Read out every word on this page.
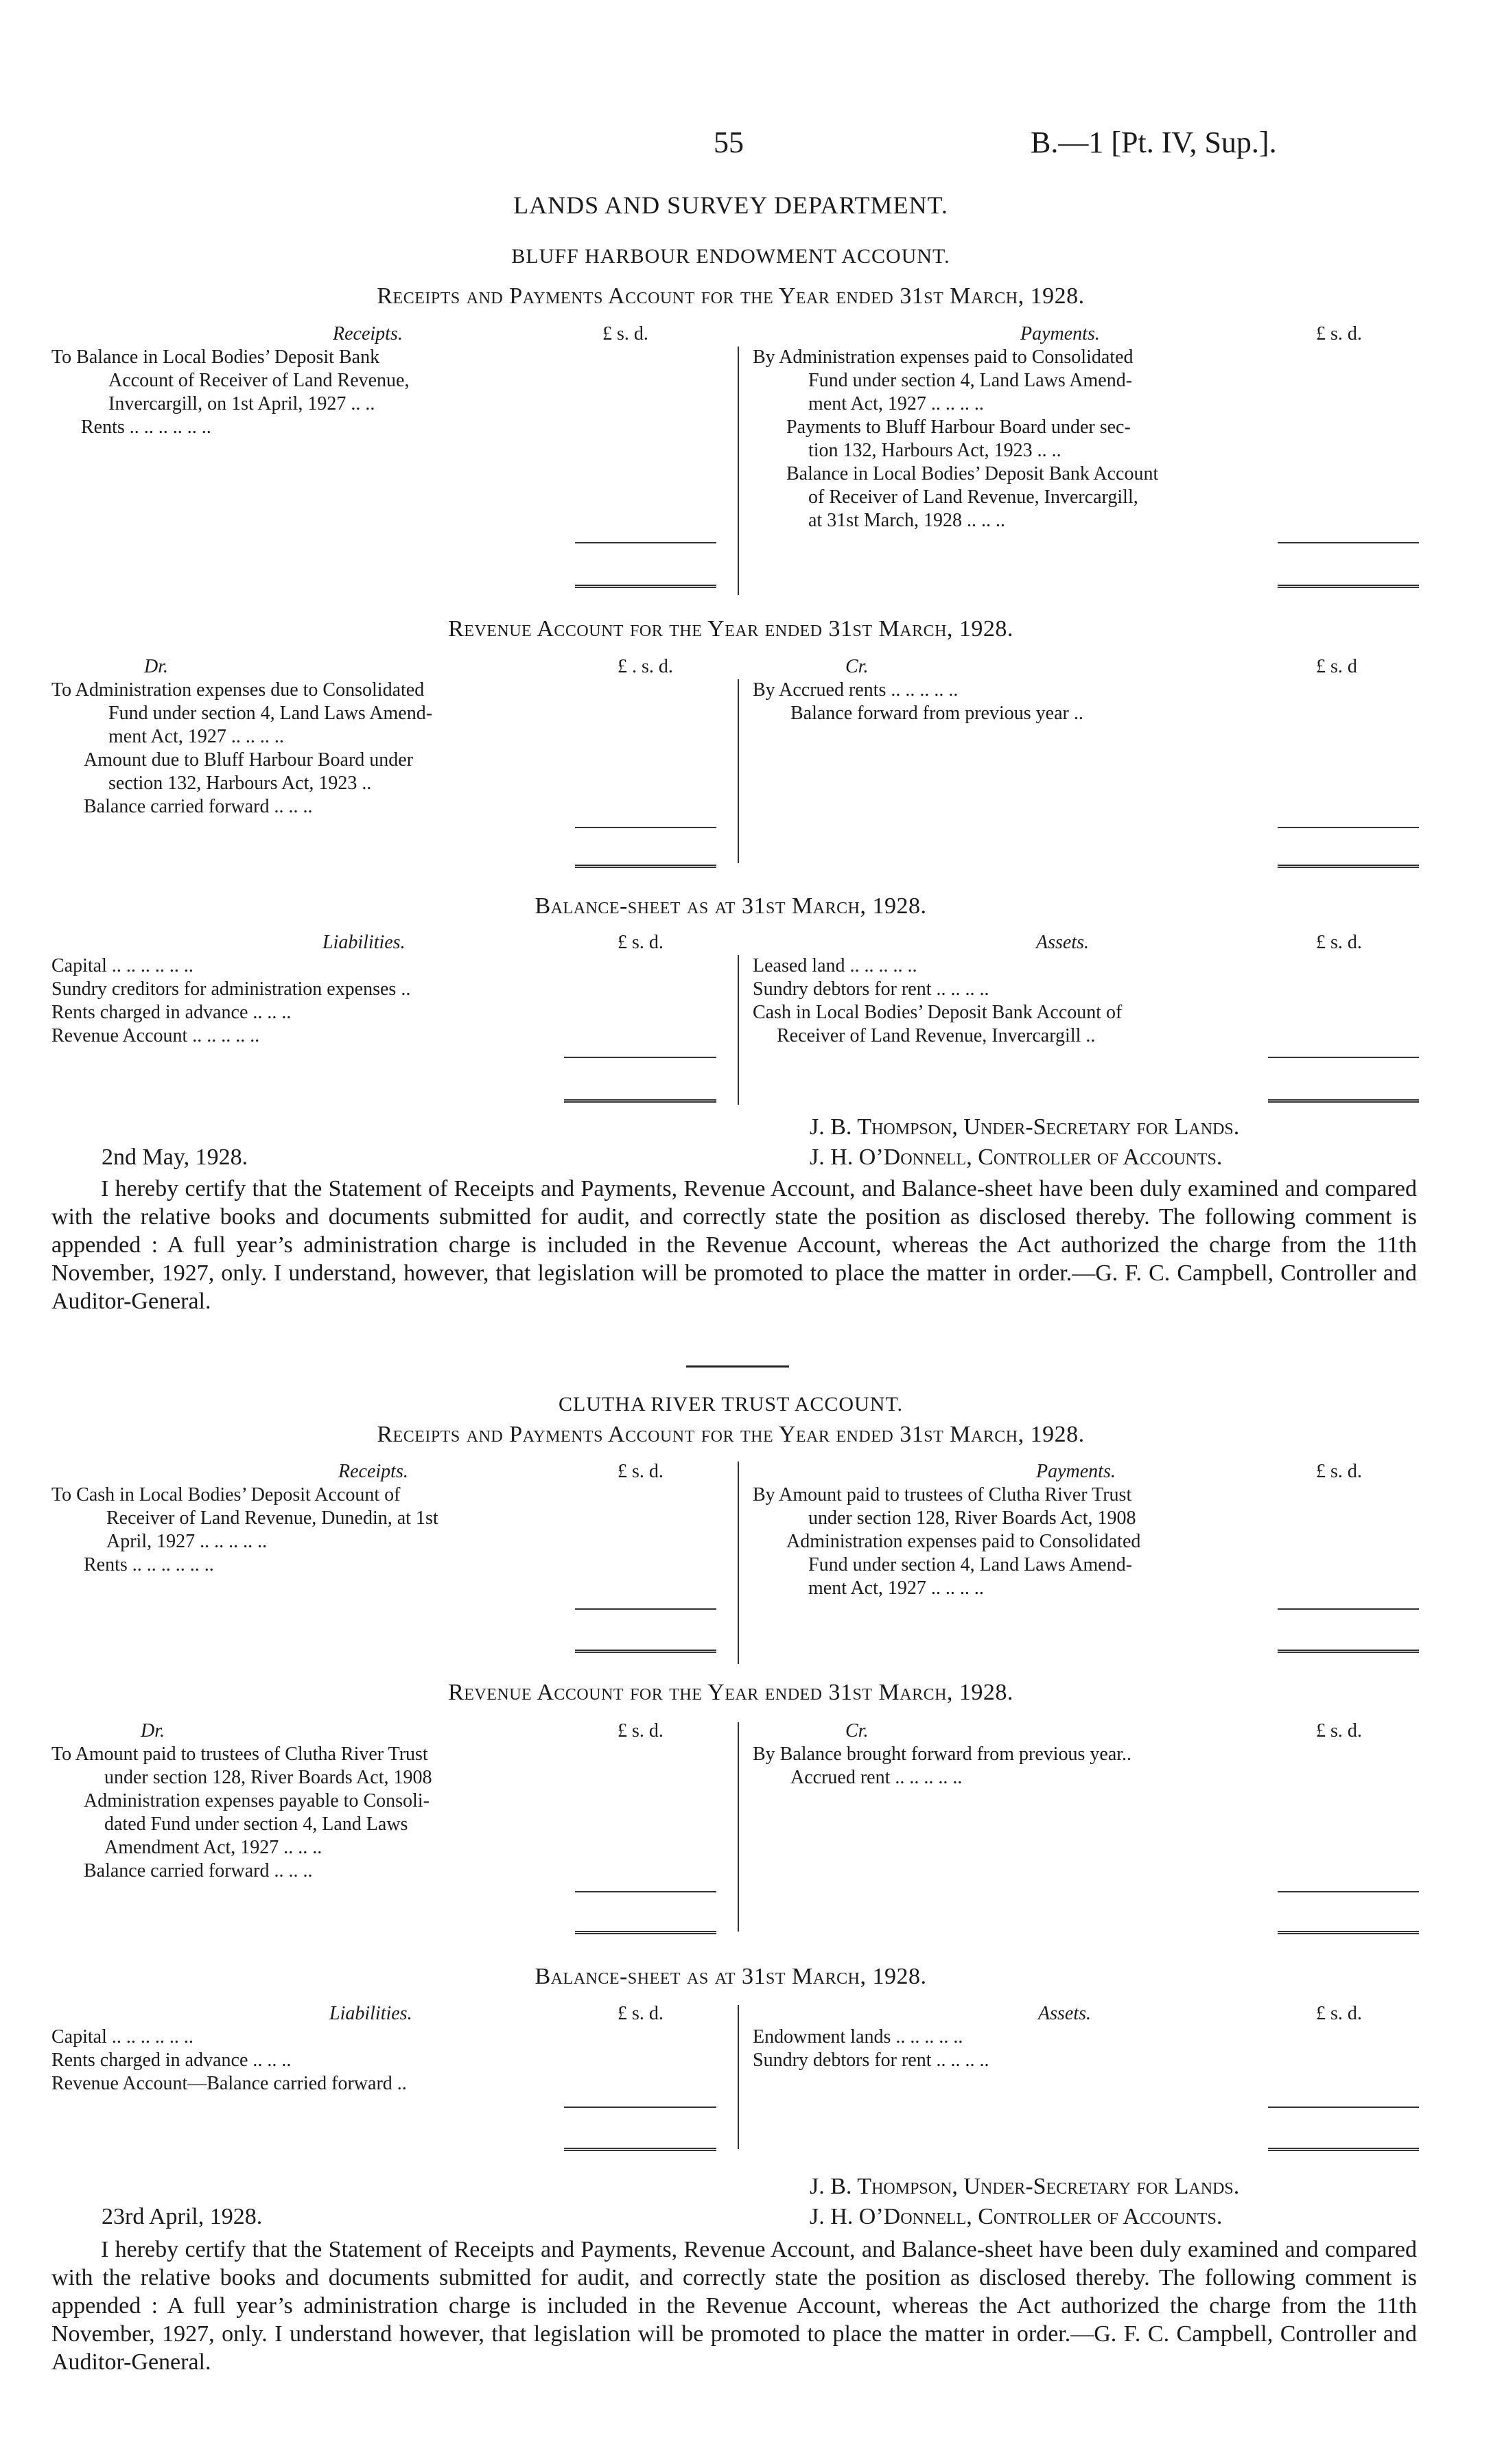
55	B.—1 [Pt. IV, Sup.].
LANDS AND SURVEY DEPARTMENT.
BLUFF HARBOUR ENDOWMENT ACCOUNT.
Receipts and Payments Account for the Year ended 31st March, 1928.
Receipts.	£ s. d.	Payments.	£ s. d.
To Balance in Local Bodies’ Deposit Bank
Account of Receiver of Land Revenue,
Invercargill, on 1st April, 1927 .. ..
Rents .. .. .. .. .. ..
By Administration expenses paid to Consolidated
Fund under section 4, Land Laws Amend-
ment Act, 1927 .. .. .. ..
Payments to Bluff Harbour Board under sec-
tion 132, Harbours Act, 1923 .. ..
Balance in Local Bodies’ Deposit Bank Account
of Receiver of Land Revenue, Invercargill,
at 31st March, 1928 .. .. ..
Revenue Account for the Year ended 31st March, 1928.
Dr.	£ . s. d.	Cr.	£ s. d
To Administration expenses due to Consolidated
Fund under section 4, Land Laws Amend-
ment Act, 1927 .. .. .. ..
Amount due to Bluff Harbour Board under
section 132, Harbours Act, 1923 ..
Balance carried forward .. .. ..
By Accrued rents .. .. .. .. ..
Balance forward from previous year ..
Balance-sheet as at 31st March, 1928.
Liabilities.	£ s. d.	Assets.	£ s. d.
Capital .. .. .. .. .. ..
Sundry creditors for administration expenses ..
Rents charged in advance .. .. ..
Revenue Account .. .. .. .. ..
Leased land .. .. .. .. ..
Sundry debtors for rent .. .. .. ..
Cash in Local Bodies’ Deposit Bank Account of
Receiver of Land Revenue, Invercargill ..
J. B. Thompson, Under-Secretary for Lands.
2nd May, 1928.	J. H. O’Donnell, Controller of Accounts.
I hereby certify that the Statement of Receipts and Payments, Revenue Account, and Balance-sheet have been duly examined and compared with the relative books and documents submitted for audit, and correctly state the position as disclosed thereby. The following comment is appended : A full year’s administration charge is included in the Revenue Account, whereas the Act authorized the charge from the 11th November, 1927, only. I understand, however, that legislation will be promoted to place the matter in order.—G. F. C. Campbell, Controller and Auditor-General.
CLUTHA RIVER TRUST ACCOUNT.
Receipts and Payments Account for the Year ended 31st March, 1928.
Receipts.	£ s. d.	Payments.	£ s. d.
To Cash in Local Bodies’ Deposit Account of
Receiver of Land Revenue, Dunedin, at 1st
April, 1927 .. .. .. .. ..
Rents .. .. .. .. .. ..
By Amount paid to trustees of Clutha River Trust
under section 128, River Boards Act, 1908
Administration expenses paid to Consolidated
Fund under section 4, Land Laws Amend-
ment Act, 1927 .. .. .. ..
Revenue Account for the Year ended 31st March, 1928.
Dr.	£ s. d.	Cr.	£ s. d.
To Amount paid to trustees of Clutha River Trust
under section 128, River Boards Act, 1908
Administration expenses payable to Consoli-
dated Fund under section 4, Land Laws
Amendment Act, 1927 .. .. ..
Balance carried forward .. .. ..
By Balance brought forward from previous year..
Accrued rent .. .. .. .. ..
Balance-sheet as at 31st March, 1928.
Liabilities.	£ s. d.	Assets.	£ s. d.
Capital .. .. .. .. .. ..
Rents charged in advance .. .. ..
Revenue Account—Balance carried forward ..
Endowment lands .. .. .. .. ..
Sundry debtors for rent .. .. .. ..
J. B. Thompson, Under-Secretary for Lands.
23rd April, 1928.	J. H. O’Donnell, Controller of Accounts.
I hereby certify that the Statement of Receipts and Payments, Revenue Account, and Balance-sheet have been duly examined and compared with the relative books and documents submitted for audit, and correctly state the position as disclosed thereby. The following comment is appended : A full year’s administration charge is included in the Revenue Account, whereas the Act authorized the charge from the 11th November, 1927, only. I understand however, that legislation will be promoted to place the matter in order.—G. F. C. Campbell, Controller and Auditor-General.
